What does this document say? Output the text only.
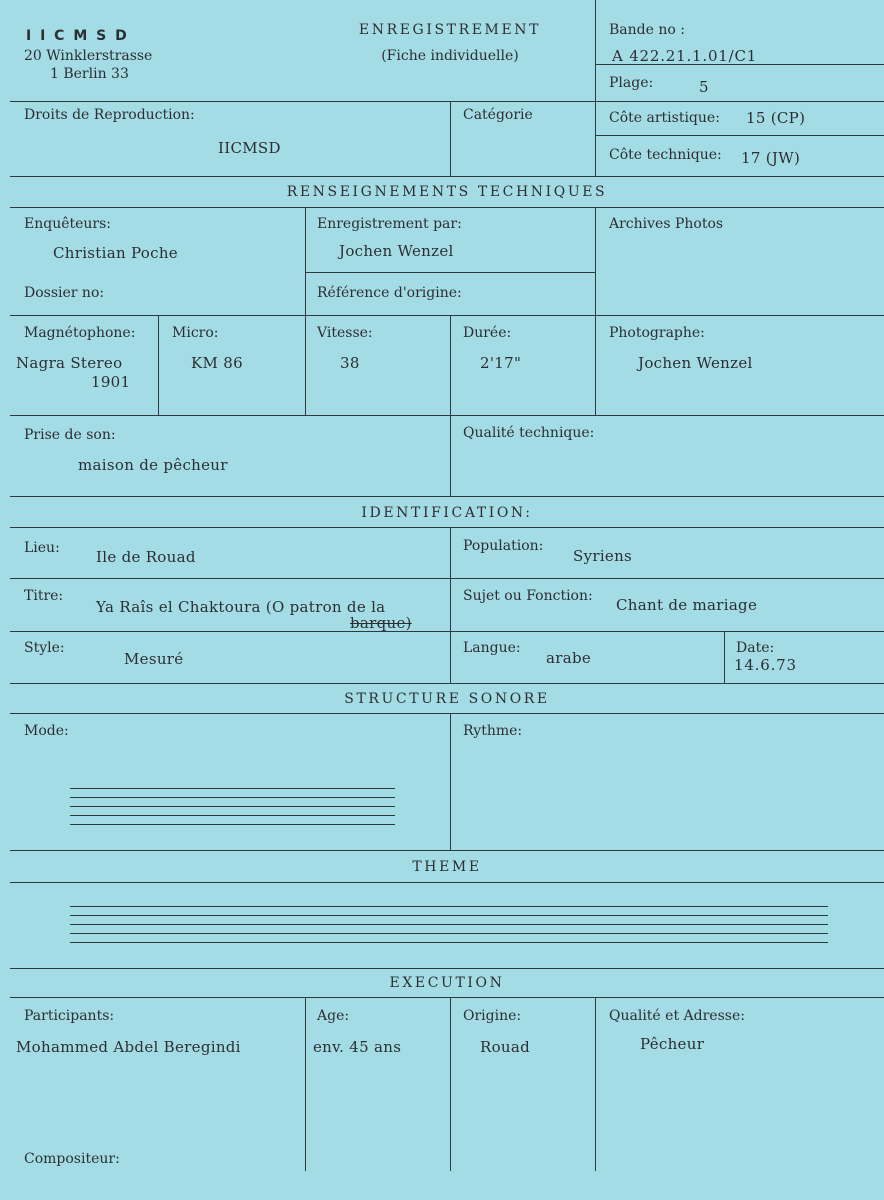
I I C M S D
20 Winklerstrasse
1 Berlin 33
ENREGISTREMENT
(Fiche individuelle)
Bande no :
A 422.21.1.01/C1
Plage:	5
Droits de Reproduction:
IICMSD
Catégorie	Côte artistique: 15 (CP)
Côte technique: 17 (JW)
RENSEIGNEMENTS TECHNIQUES
Enquêteurs:
Christian Poche
Enregistrement par:
Jochen Wenzel
Archives Photos
Dossier no:	Référence d'origine:
Magnétophone:
Nagra Stereo
1901
Micro:
KM 86
Vitesse:
38
Durée:
2'17"
Photographe:
Jochen Wenzel
Prise de son:
maison de pêcheur
Qualité technique:
IDENTIFICATION:
Lieu: Ile de Rouad
Population:
Syriens
Titre:
Ya Raîs el Chaktoura (O patron de la
barque)
Sujet ou Fonction: Chant de mariage
Style:
Mesuré
Langue:
arabe
Date:
14.6.73
STRUCTURE SONORE
Mode:	Rythme:
THEME
EXECUTION
Participants:
Mohammed Abdel Beregindi
Age:
env. 45 ans
Origine:
Rouad
Qualité et Adresse:
Pêcheur
Compositeur:
